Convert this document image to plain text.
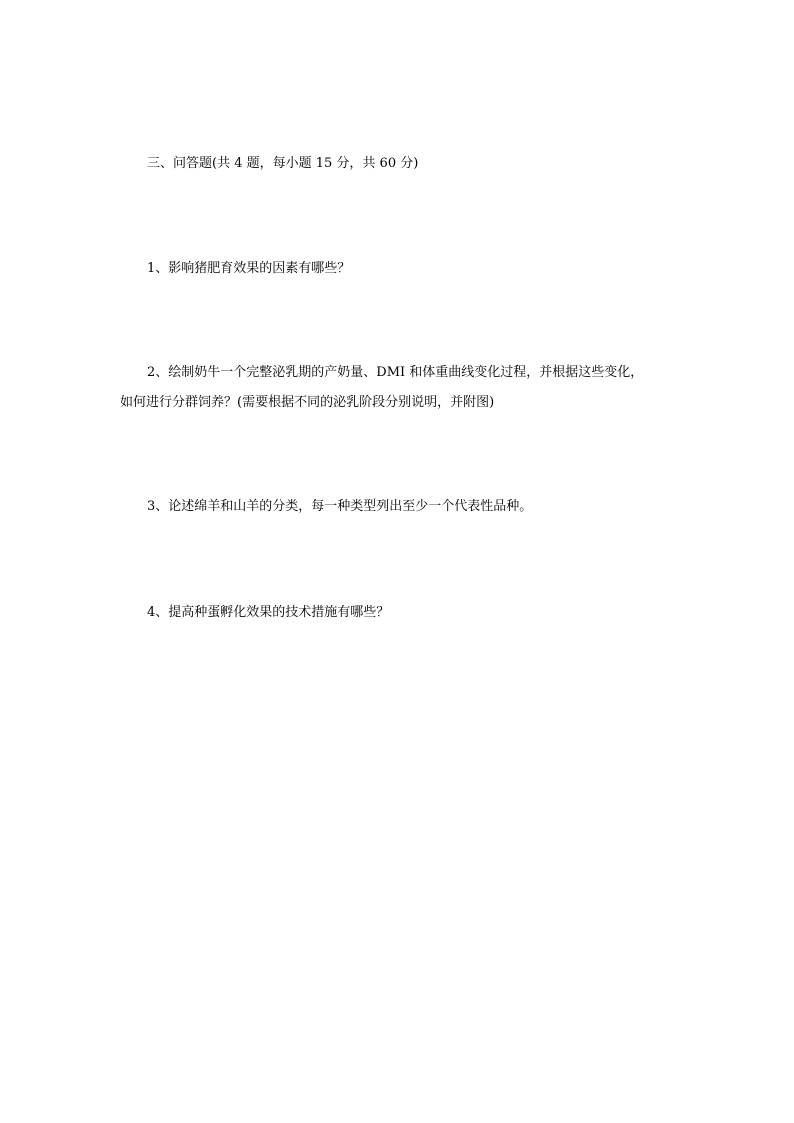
三、问答题(共 4 题，每小题 15 分，共 60 分)
1、影响猪肥育效果的因素有哪些？
2、绘制奶牛一个完整泌乳期的产奶量、DMI 和体重曲线变化过程，并根据这些变化，
如何进行分群饲养？(需要根据不同的泌乳阶段分别说明，并附图)
3、论述绵羊和山羊的分类，每一种类型列出至少一个代表性品种。
4、提高种蛋孵化效果的技术措施有哪些？
